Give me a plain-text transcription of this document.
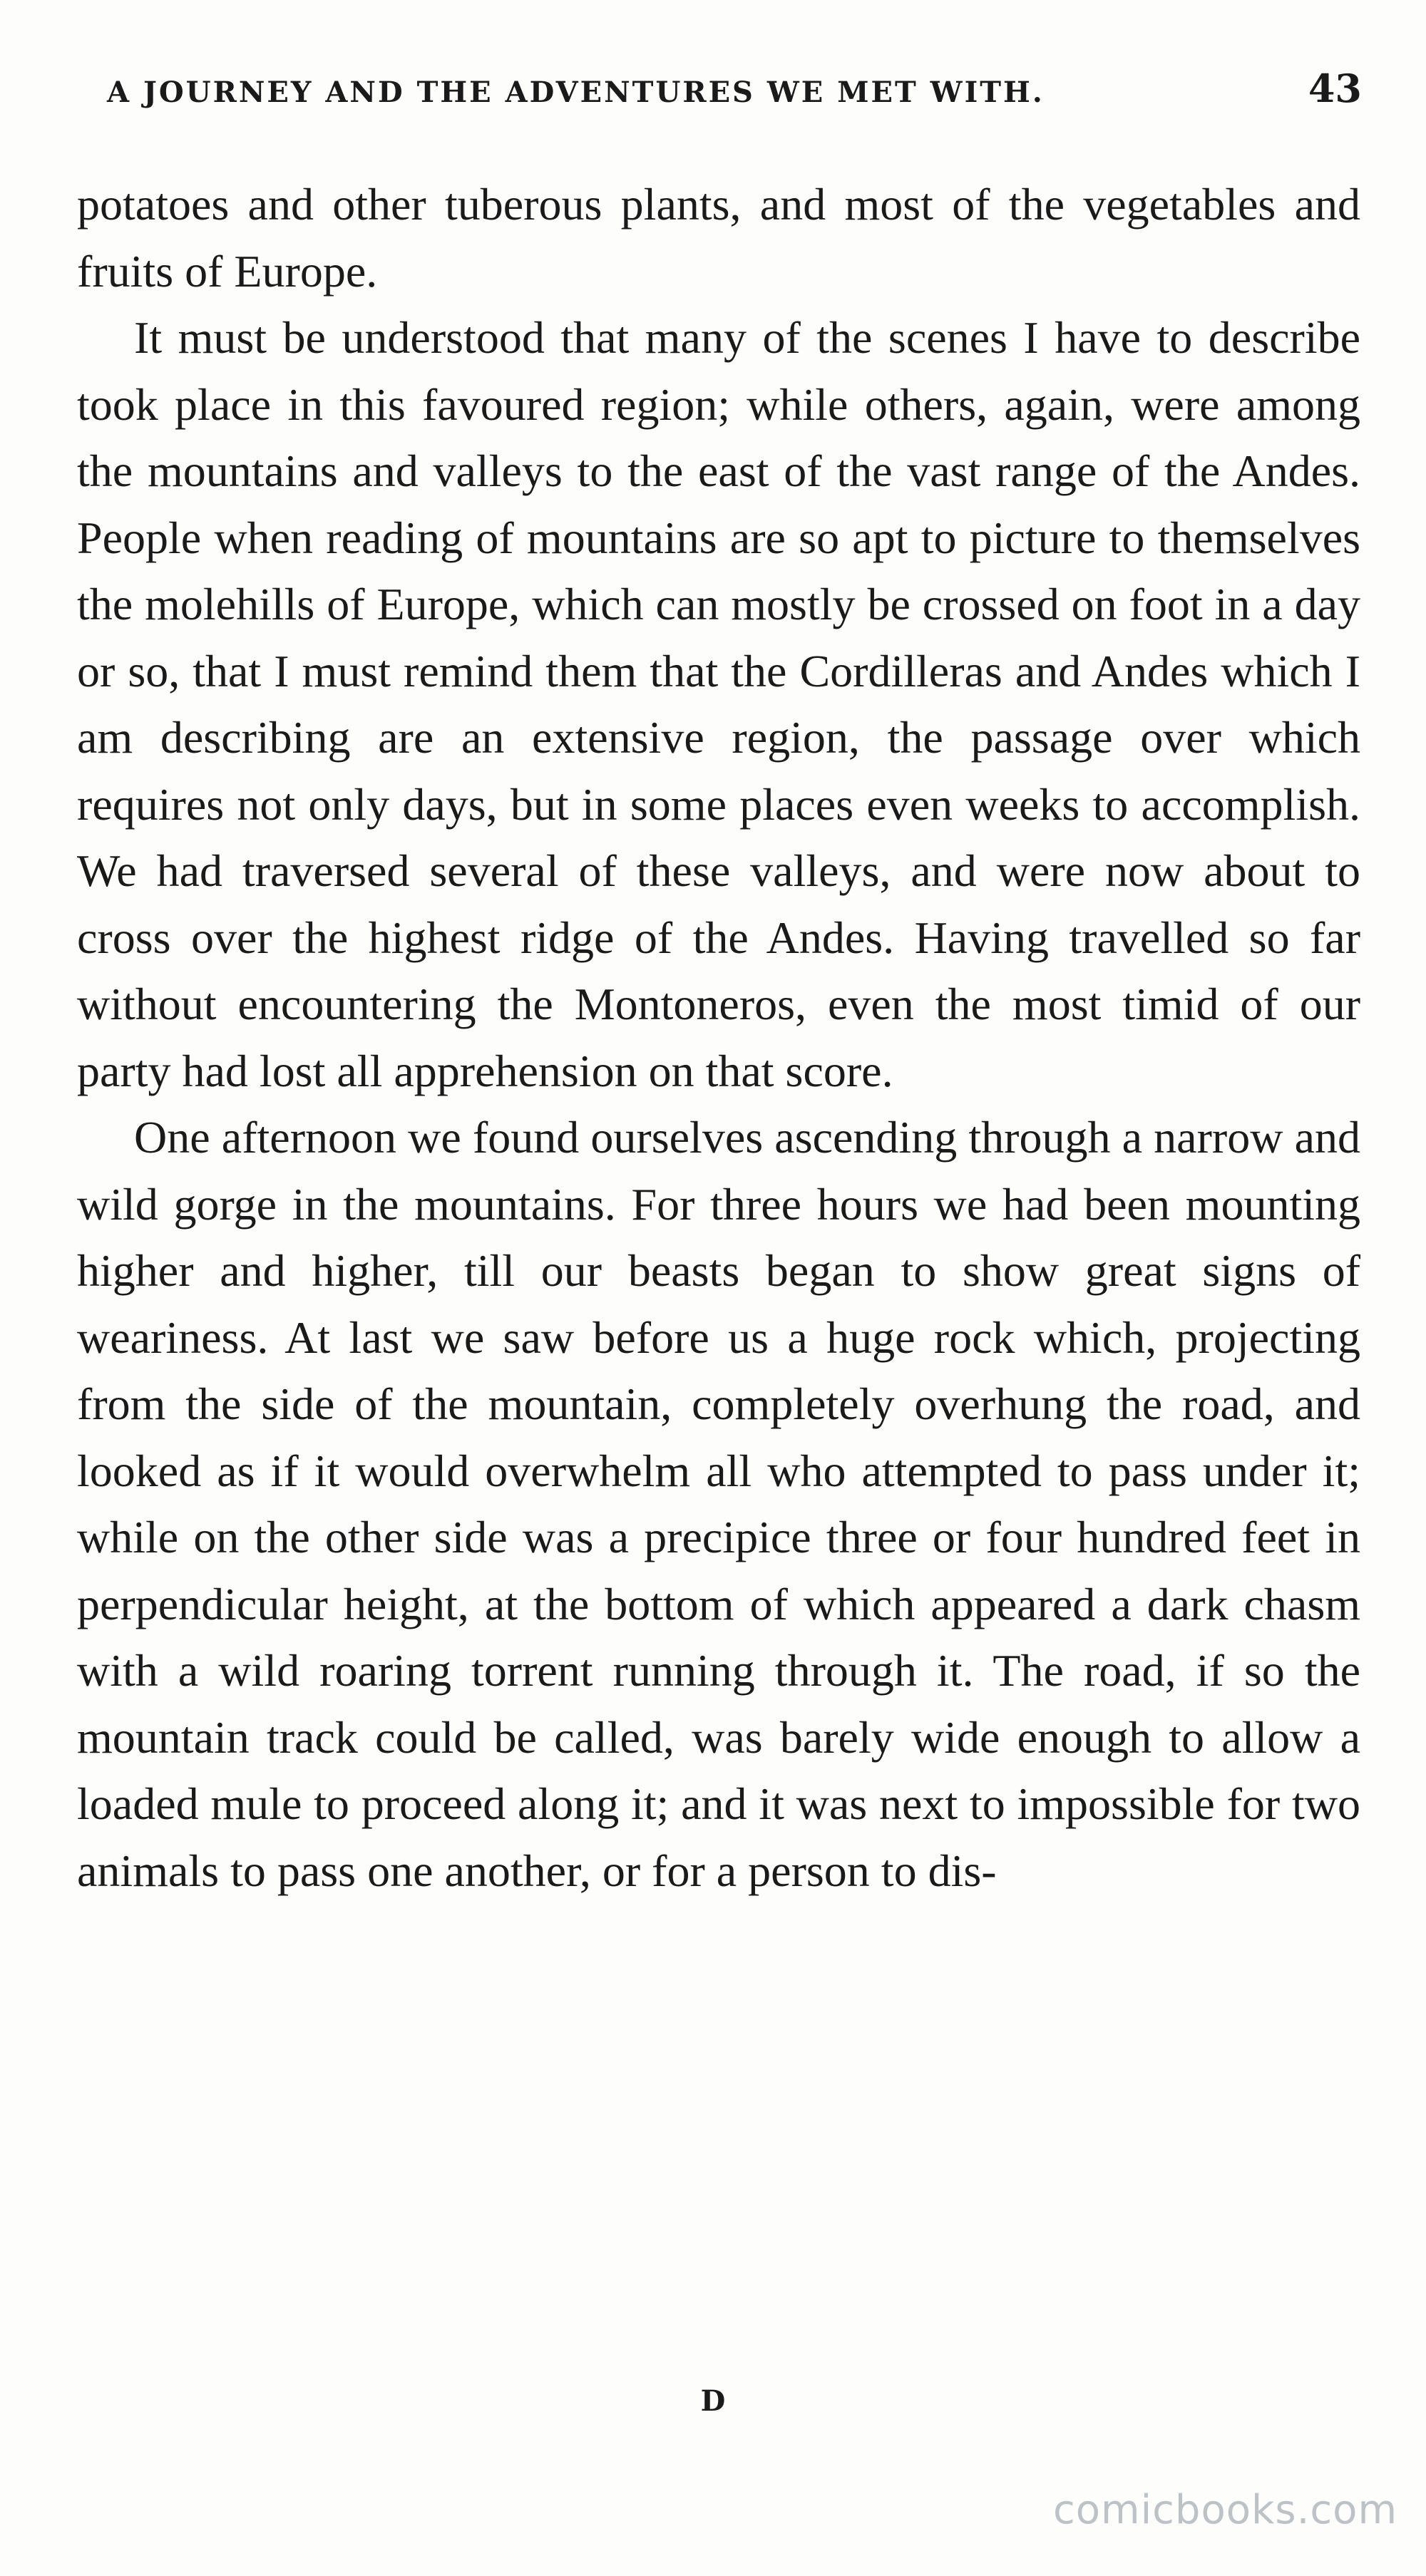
A JOURNEY AND THE ADVENTURES WE MET WITH.	43

potatoes and other tuberous plants, and most of the vegetables and fruits of Europe.

It must be understood that many of the scenes I have to describe took place in this favoured region; while others, again, were among the mountains and valleys to the east of the vast range of the Andes. People when reading of mountains are so apt to picture to themselves the molehills of Europe, which can mostly be crossed on foot in a day or so, that I must remind them that the Cordilleras and Andes which I am describing are an extensive region, the passage over which requires not only days, but in some places even weeks to accomplish. We had traversed several of these valleys, and were now about to cross over the highest ridge of the Andes. Having travelled so far without encountering the Montoneros, even the most timid of our party had lost all apprehension on that score.

One afternoon we found ourselves ascending through a narrow and wild gorge in the mountains. For three hours we had been mounting higher and higher, till our beasts began to show great signs of weariness. At last we saw before us a huge rock which, projecting from the side of the mountain, completely overhung the road, and looked as if it would overwhelm all who attempted to pass under it; while on the other side was a precipice three or four hundred feet in perpendicular height, at the bottom of which appeared a dark chasm with a wild roaring torrent running through it. The road, if so the mountain track could be called, was barely wide enough to allow a loaded mule to proceed along it; and it was next to impossible for two animals to pass one another, or for a person to dis-

D
comicbooks.com
